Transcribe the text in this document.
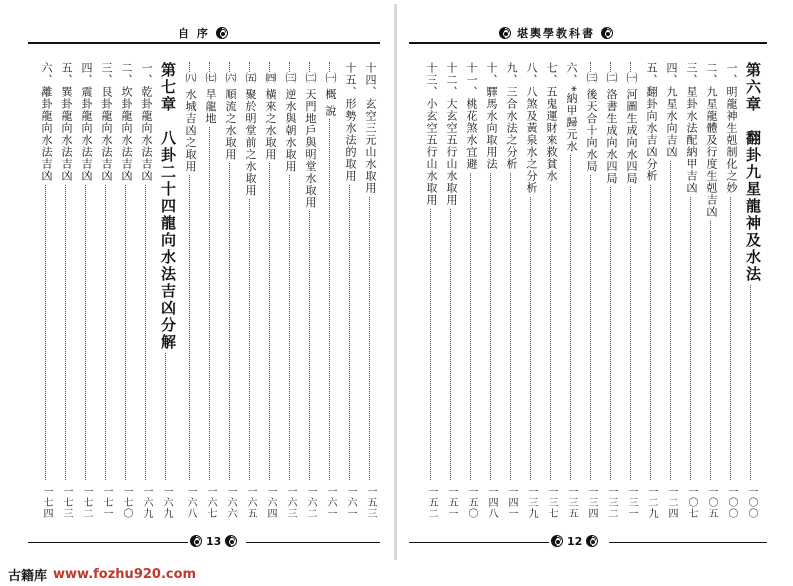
自 序
十四、玄空三元山水取用
一五三
十五、形勢水法的取用
一六一
㈠ 概 說
一六一
㈡ 天門地戶與明堂水取用
一六二
㈢ 逆水與朝水取用
一六三
㈣ 橫來之水取用
一六四
㈤ 聚於明堂前之水取用
一六五
㈥ 順流之水取用
一六六
㈦ 旱龍地
一六七
㈧ 水城吉凶之取用
一六八
第七章　八卦二十四龍向水法吉凶分解
一六九
一、乾卦龍向水法吉凶
一六九
二、坎卦龍向水法吉凶
一七〇
三、艮卦龍向水法吉凶
一七一
四、震卦龍向水法吉凶
一七二
五、巽卦龍向水法吉凶
一七三
六、離卦龍向水法吉凶
一七四
13
堪輿學教科書
第六章　翻卦九星龍神及水法
一〇〇
一、明龍神生剋制化之妙
一〇〇
二、九星龍體及行度生剋吉凶
一〇五
三、星卦水法配納甲吉凶
一〇七
四、九星水向吉凶
一二四
五、翻卦向水吉凶分析
一二九
㈠ 河圖生成向水四局
一三一
㈡ 洛書生成向水四局
一三二
㈢ 後天合十向水局
一三四
六、*納甲歸元水
一三五
七、五鬼運財來救貧水
一三七
八、八煞及黃泉水之分析
一三九
九、三合水法之分析
一四一
十、驛馬水向取用法
一四八
十一、桃花煞水宜避
一五〇
十二、大玄空五行山水取用
一五一
十三、小玄空五行山水取用
一五二
12
古籍库 www.fozhu920.com
